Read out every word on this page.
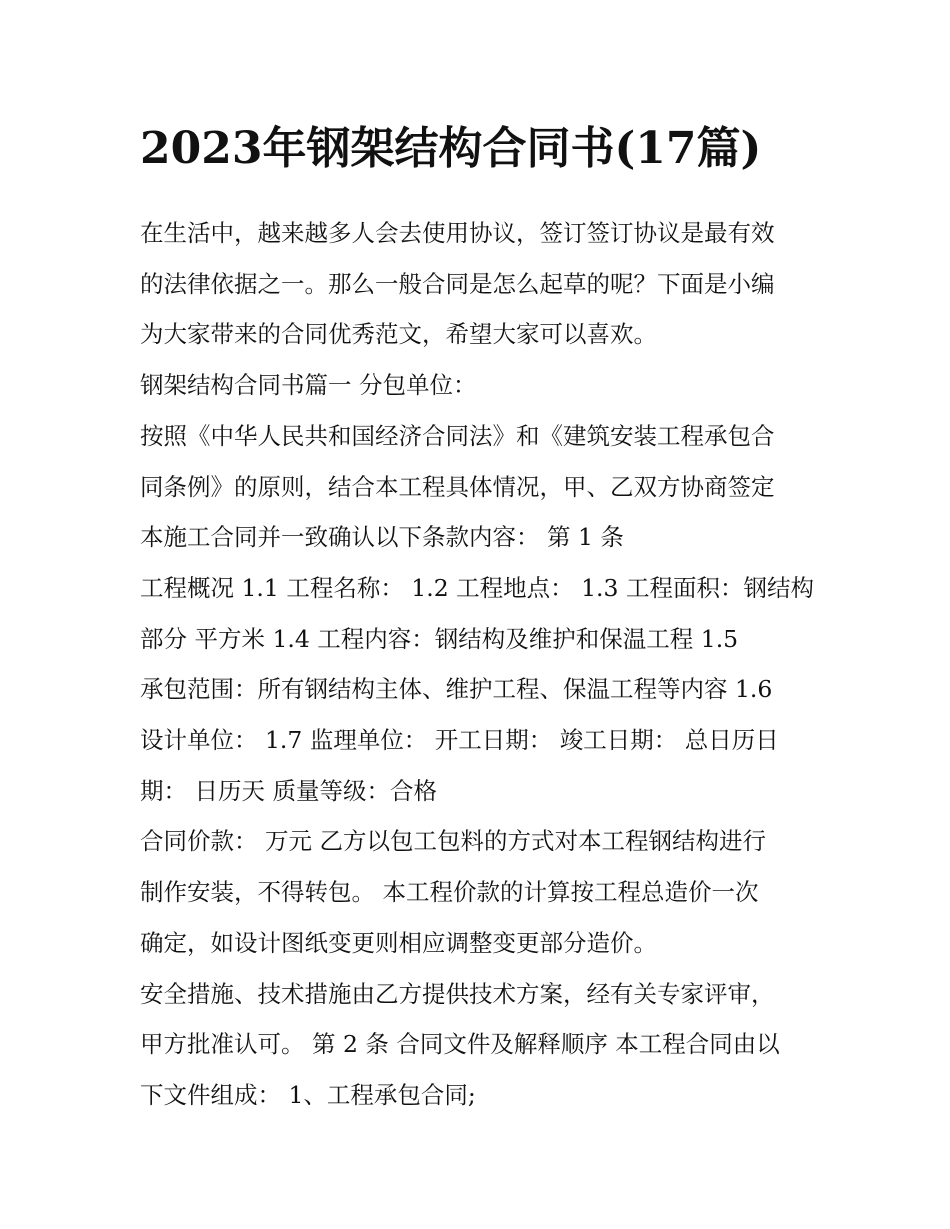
2023年钢架结构合同书(17篇)
在生活中，越来越多人会去使用协议，签订签订协议是最有效
的法律依据之一。那么一般合同是怎么起草的呢？下面是小编
为大家带来的合同优秀范文，希望大家可以喜欢。
钢架结构合同书篇一 分包单位：
按照《中华人民共和国经济合同法》和《建筑安装工程承包合
同条例》的原则，结合本工程具体情况，甲、乙双方协商签定
本施工合同并一致确认以下条款内容： 第 1 条
工程概况 1.1 工程名称： 1.2 工程地点： 1.3 工程面积：钢结构
部分 平方米 1.4 工程内容：钢结构及维护和保温工程 1.5
承包范围：所有钢结构主体、维护工程、保温工程等内容 1.6
设计单位： 1.7 监理单位： 开工日期： 竣工日期： 总日历日
期： 日历天 质量等级：合格
合同价款： 万元 乙方以包工包料的方式对本工程钢结构进行
制作安装，不得转包。 本工程价款的计算按工程总造价一次
确定，如设计图纸变更则相应调整变更部分造价。
安全措施、技术措施由乙方提供技术方案，经有关专家评审，
甲方批准认可。 第 2 条 合同文件及解释顺序 本工程合同由以
下文件组成： 1、工程承包合同;
